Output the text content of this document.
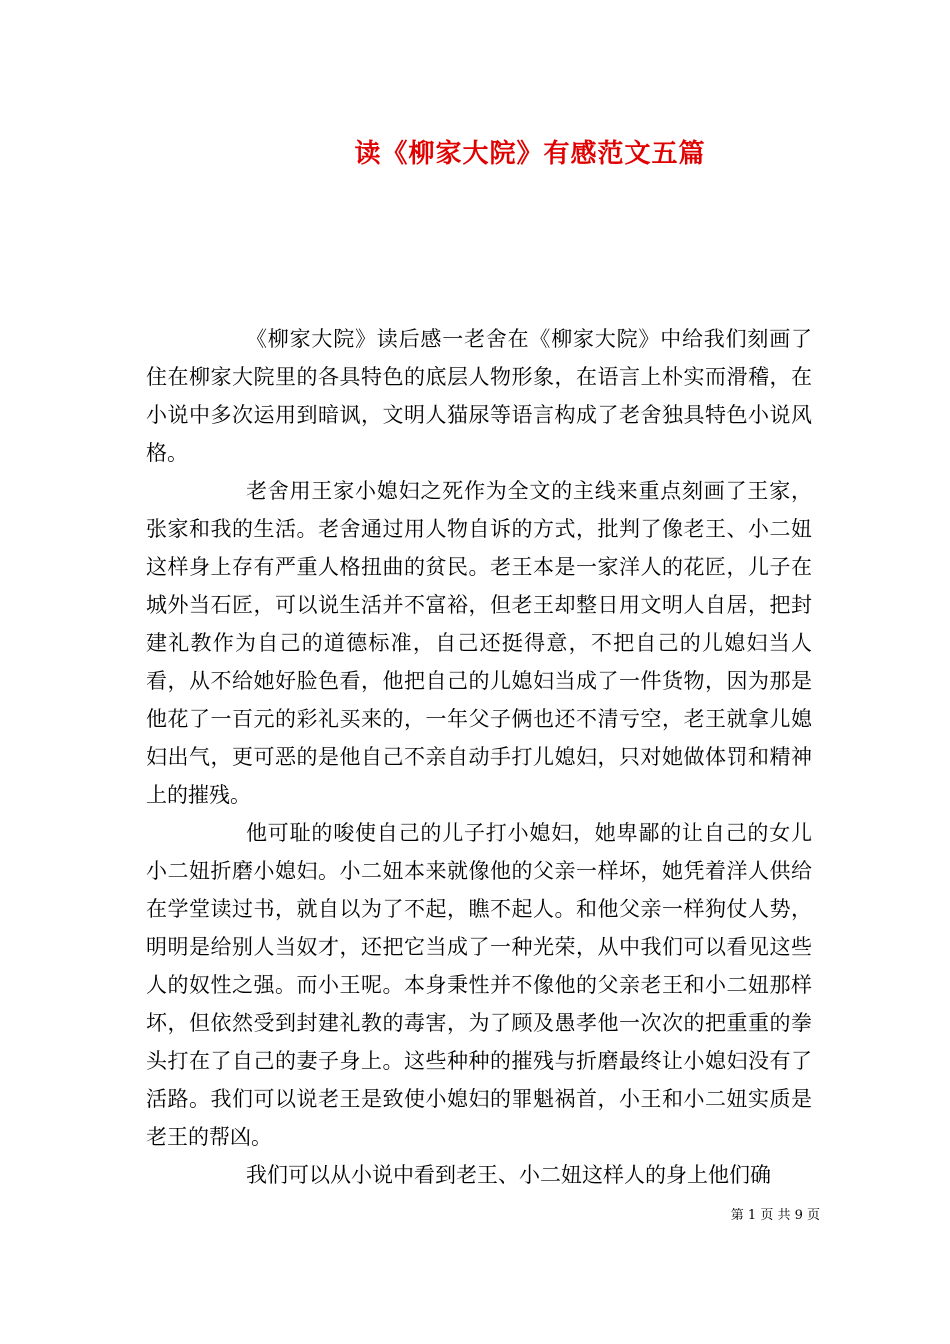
读《柳家大院》有感范文五篇

《柳家大院》读后感一老舍在《柳家大院》中给我们刻画了住在柳家大院里的各具特色的底层人物形象，在语言上朴实而滑稽，在小说中多次运用到暗讽，文明人猫尿等语言构成了老舍独具特色小说风格。

老舍用王家小媳妇之死作为全文的主线来重点刻画了王家，张家和我的生活。老舍通过用人物自诉的方式，批判了像老王、小二妞这样身上存有严重人格扭曲的贫民。老王本是一家洋人的花匠，儿子在城外当石匠，可以说生活并不富裕，但老王却整日用文明人自居，把封建礼教作为自己的道德标准，自己还挺得意，不把自己的儿媳妇当人看，从不给她好脸色看，他把自己的儿媳妇当成了一件货物，因为那是他花了一百元的彩礼买来的，一年父子俩也还不清亏空，老王就拿儿媳妇出气，更可恶的是他自己不亲自动手打儿媳妇，只对她做体罚和精神上的摧残。

他可耻的唆使自己的儿子打小媳妇，她卑鄙的让自己的女儿小二妞折磨小媳妇。小二妞本来就像他的父亲一样坏，她凭着洋人供给在学堂读过书，就自以为了不起，瞧不起人。和他父亲一样狗仗人势，明明是给别人当奴才，还把它当成了一种光荣，从中我们可以看见这些人的奴性之强。而小王呢。本身秉性并不像他的父亲老王和小二妞那样坏，但依然受到封建礼教的毒害，为了顾及愚孝他一次次的把重重的拳头打在了自己的妻子身上。这些种种的摧残与折磨最终让小媳妇没有了活路。我们可以说老王是致使小媳妇的罪魁祸首，小王和小二妞实质是老王的帮凶。

我们可以从小说中看到老王、小二妞这样人的身上他们确

第 1 页 共 9 页
